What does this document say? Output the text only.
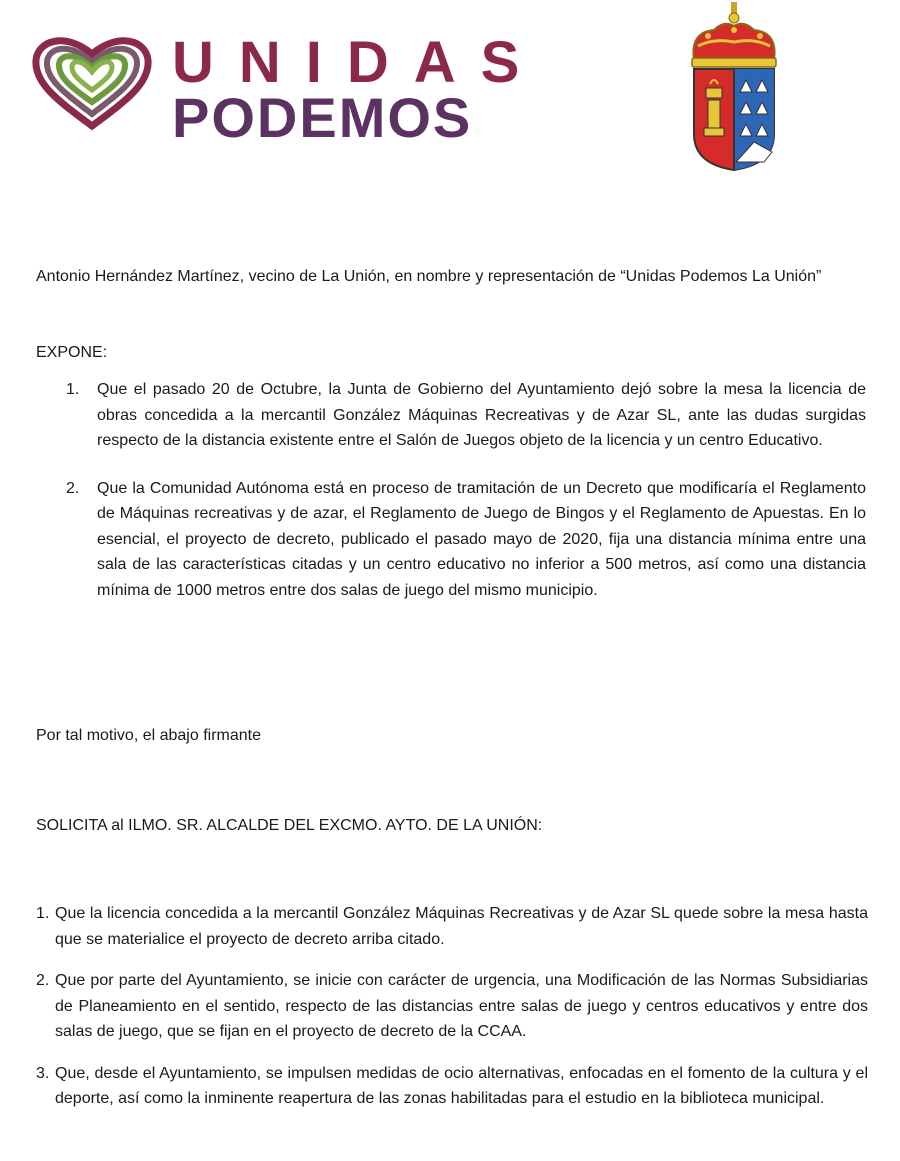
UNIDAS
PODEMOS
Antonio Hernández Martínez, vecino de La Unión, en nombre y representación de “Unidas Podemos La Unión”
EXPONE:
1. Que el pasado 20 de Octubre, la Junta de Gobierno del Ayuntamiento dejó sobre la mesa la licencia de obras concedida a la mercantil González Máquinas Recreativas y de Azar SL, ante las dudas surgidas respecto de la distancia existente entre el Salón de Juegos objeto de la licencia y un centro Educativo.
2. Que la Comunidad Autónoma está en proceso de tramitación de un Decreto que modificaría el Reglamento de Máquinas recreativas y de azar, el Reglamento de Juego de Bingos y el Reglamento de Apuestas. En lo esencial, el proyecto de decreto, publicado el pasado mayo de 2020, fija una distancia mínima entre una sala de las características citadas y un centro educativo no inferior a 500 metros, así como una distancia mínima de 1000 metros entre dos salas de juego del mismo municipio.
Por tal motivo, el abajo firmante
SOLICITA al ILMO. SR. ALCALDE DEL EXCMO. AYTO. DE LA UNIÓN:
1. Que la licencia concedida a la mercantil González Máquinas Recreativas y de Azar SL quede sobre la mesa hasta que se materialice el proyecto de decreto arriba citado.
2. Que por parte del Ayuntamiento, se inicie con carácter de urgencia, una Modificación de las Normas Subsidiarias de Planeamiento en el sentido, respecto de las distancias entre salas de juego y centros educativos y entre dos salas de juego, que se fijan en el proyecto de decreto de la CCAA.
3. Que, desde el Ayuntamiento, se impulsen medidas de ocio alternativas, enfocadas en el fomento de la cultura y el deporte, así como la inminente reapertura de las zonas habilitadas para el estudio en la biblioteca municipal.
